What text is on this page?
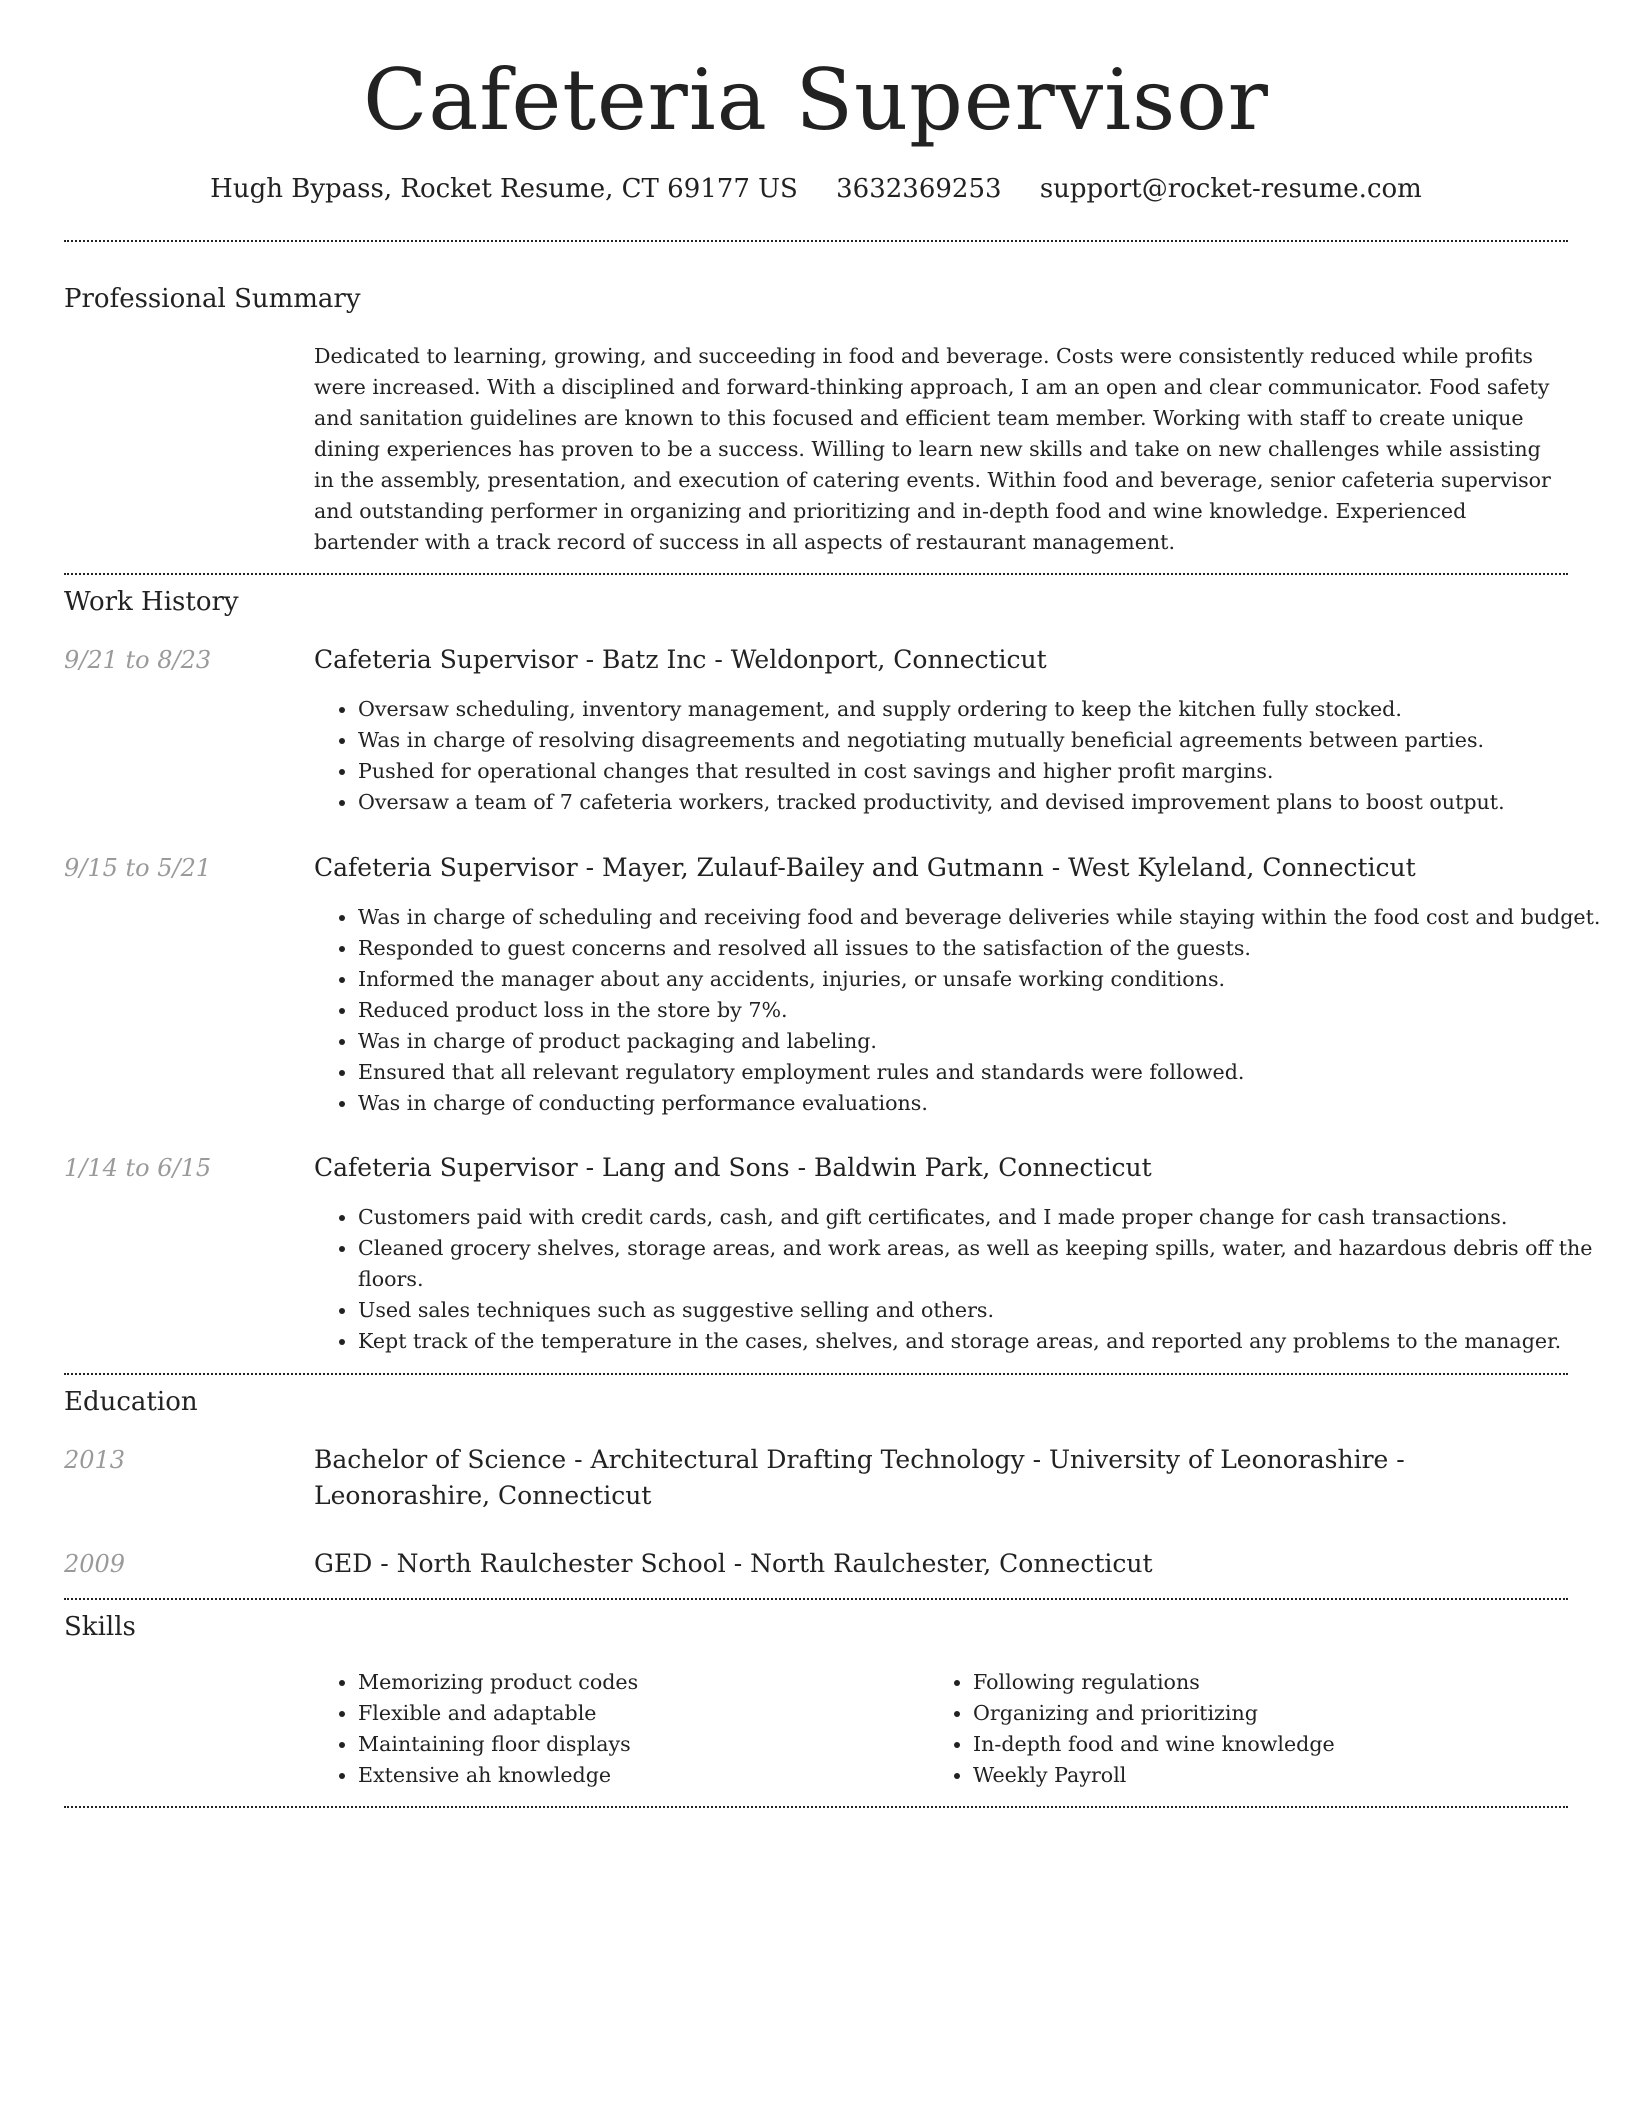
Cafeteria Supervisor
Hugh Bypass, Rocket Resume, CT 69177 US 3632369253 support@rocket-resume.com
Professional Summary

Dedicated to learning, growing, and succeeding in food and beverage. Costs were consistently reduced while profits were increased. With a disciplined and forward-thinking approach, I am an open and clear communicator. Food safety and sanitation guidelines are known to this focused and efficient team member. Working with staff to create unique dining experiences has proven to be a success. Willing to learn new skills and take on new challenges while assisting in the assembly, presentation, and execution of catering events. Within food and beverage, senior cafeteria supervisor and outstanding performer in organizing and prioritizing and in-depth food and wine knowledge. Experienced bartender with a track record of success in all aspects of restaurant management.

Work History
9/21 to 8/23	Cafeteria Supervisor - Batz Inc - Weldonport, Connecticut
• Oversaw scheduling, inventory management, and supply ordering to keep the kitchen fully stocked.
• Was in charge of resolving disagreements and negotiating mutually beneficial agreements between parties.
• Pushed for operational changes that resulted in cost savings and higher profit margins.
• Oversaw a team of 7 cafeteria workers, tracked productivity, and devised improvement plans to boost output.
9/15 to 5/21	Cafeteria Supervisor - Mayer, Zulauf-Bailey and Gutmann - West Kyleland, Connecticut
• Was in charge of scheduling and receiving food and beverage deliveries while staying within the food cost and budget.
• Responded to guest concerns and resolved all issues to the satisfaction of the guests.
• Informed the manager about any accidents, injuries, or unsafe working conditions.
• Reduced product loss in the store by 7%.
• Was in charge of product packaging and labeling.
• Ensured that all relevant regulatory employment rules and standards were followed.
• Was in charge of conducting performance evaluations.
1/14 to 6/15	Cafeteria Supervisor - Lang and Sons - Baldwin Park, Connecticut
• Customers paid with credit cards, cash, and gift certificates, and I made proper change for cash transactions.
• Cleaned grocery shelves, storage areas, and work areas, as well as keeping spills, water, and hazardous debris off the floors.
• Used sales techniques such as suggestive selling and others.
• Kept track of the temperature in the cases, shelves, and storage areas, and reported any problems to the manager.
Education
2013	Bachelor of Science - Architectural Drafting Technology - University of Leonorashire - Leonorashire, Connecticut
2009	GED - North Raulchester School - North Raulchester, Connecticut
Skills
• Memorizing product codes
• Flexible and adaptable
• Maintaining floor displays
• Extensive ah knowledge
• Following regulations
• Organizing and prioritizing
• In-depth food and wine knowledge
• Weekly Payroll
